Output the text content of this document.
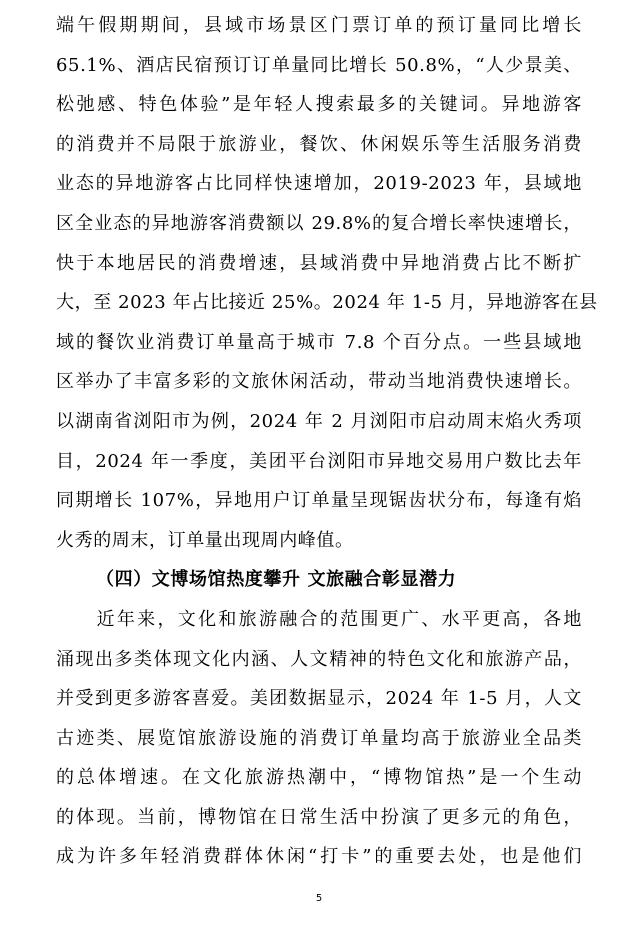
端午假期期间，县域市场景区门票订单的预订量同比增长
65.1%、酒店民宿预订订单量同比增长 50.8%，“人少景美、
松弛感、特色体验”是年轻人搜索最多的关键词。异地游客
的消费并不局限于旅游业，餐饮、休闲娱乐等生活服务消费
业态的异地游客占比同样快速增加，2019-2023 年，县域地
区全业态的异地游客消费额以 29.8%的复合增长率快速增长，
快于本地居民的消费增速，县域消费中异地消费占比不断扩
大，至 2023 年占比接近 25%。2024 年 1-5 月，异地游客在县
域的餐饮业消费订单量高于城市 7.8 个百分点。一些县域地
区举办了丰富多彩的文旅休闲活动，带动当地消费快速增长。
以湖南省浏阳市为例，2024 年 2 月浏阳市启动周末焰火秀项
目，2024 年一季度，美团平台浏阳市异地交易用户数比去年
同期增长 107%，异地用户订单量呈现锯齿状分布，每逢有焰
火秀的周末，订单量出现周内峰值。
（四）文博场馆热度攀升 文旅融合彰显潜力
　　近年来，文化和旅游融合的范围更广、水平更高，各地
涌现出多类体现文化内涵、人文精神的特色文化和旅游产品，
并受到更多游客喜爱。美团数据显示，2024 年 1-5 月，人文
古迹类、展览馆旅游设施的消费订单量均高于旅游业全品类
的总体增速。在文化旅游热潮中，“博物馆热”是一个生动
的体现。当前，博物馆在日常生活中扮演了更多元的角色，
成为许多年轻消费群体休闲“打卡”的重要去处，也是他们
5
